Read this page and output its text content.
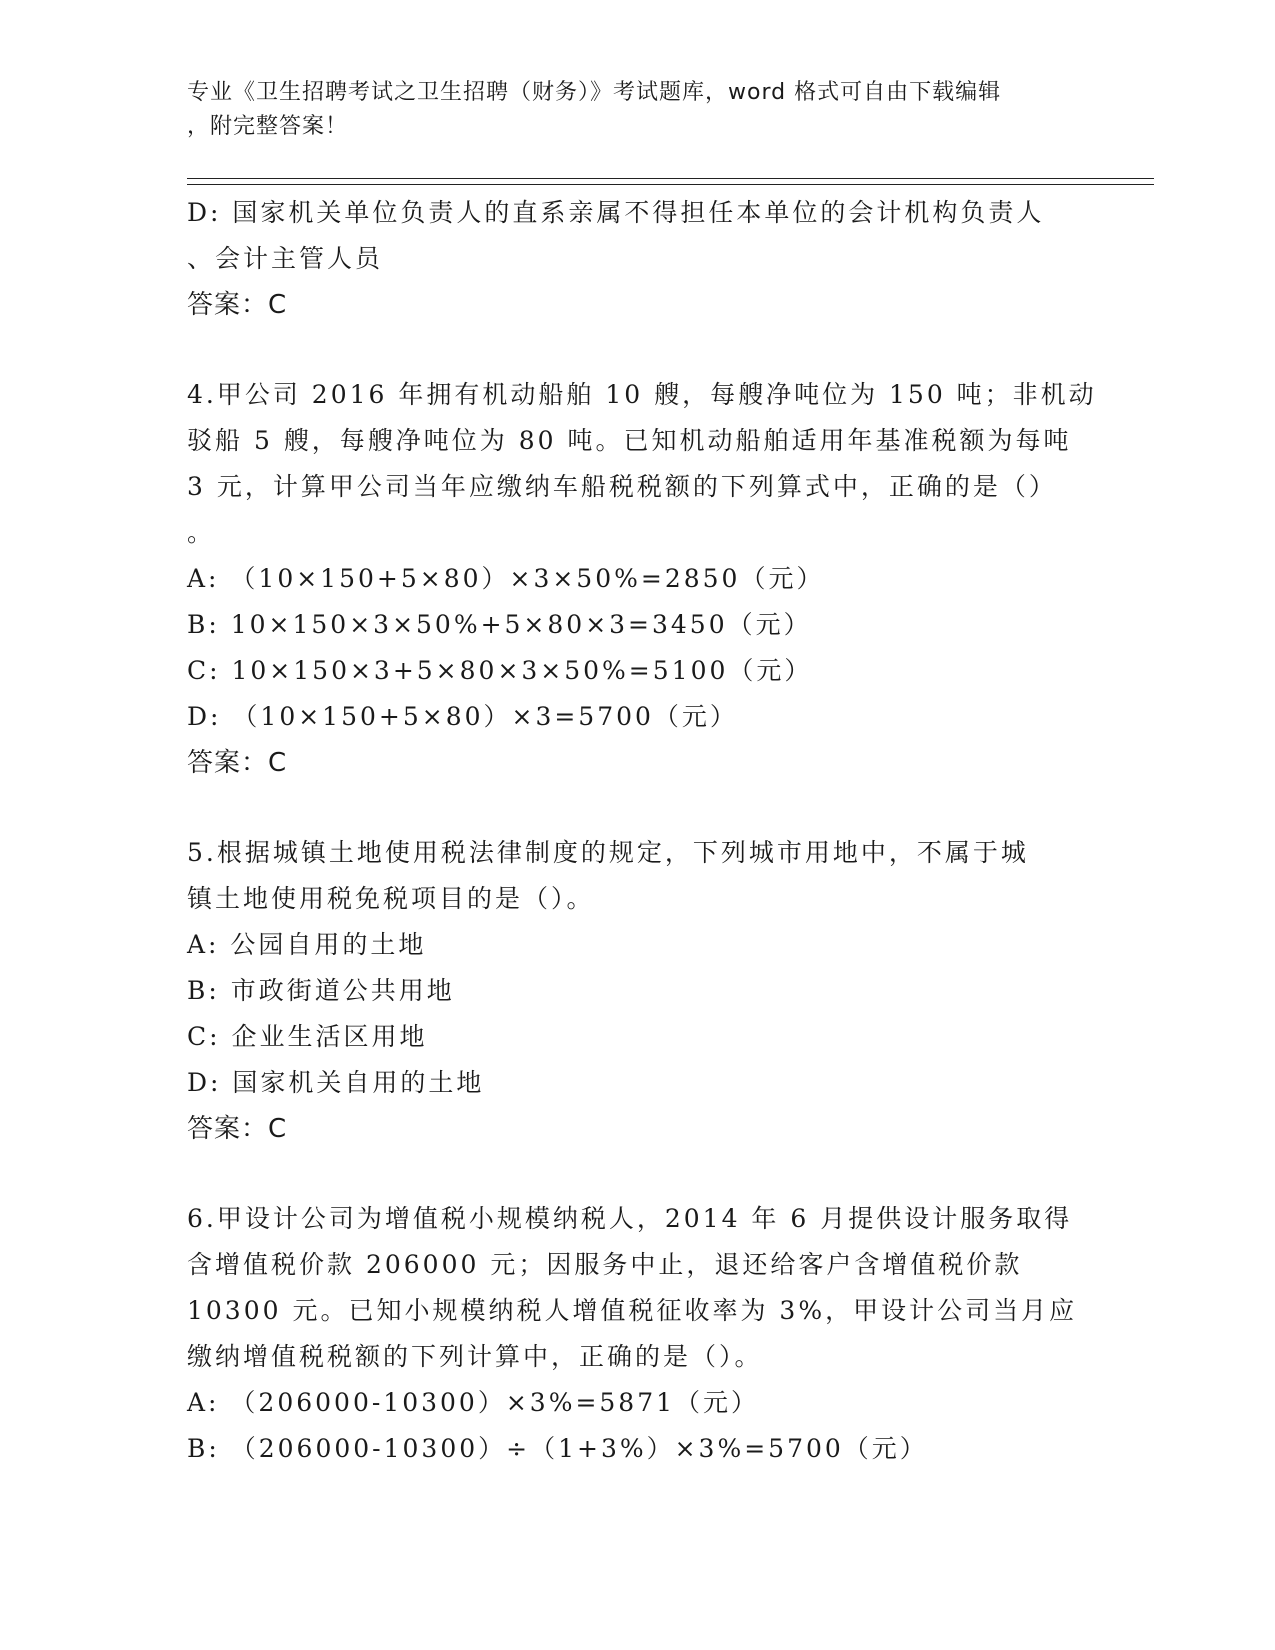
专业《卫生招聘考试之卫生招聘（财务）》考试题库，word 格式可自由下载编辑
，附完整答案！
D: 国家机关单位负责人的直系亲属不得担任本单位的会计机构负责人
、会计主管人员
答案：C
4.甲公司 2016 年拥有机动船舶 10 艘，每艘净吨位为 150 吨；非机动
驳船 5 艘，每艘净吨位为 80 吨。已知机动船舶适用年基准税额为每吨
3 元，计算甲公司当年应缴纳车船税税额的下列算式中，正确的是（）
。
A: （10×150+5×80）×3×50%=2850（元）
B: 10×150×3×50%+5×80×3=3450（元）
C: 10×150×3+5×80×3×50%=5100（元）
D: （10×150+5×80）×3=5700（元）
答案：C
5.根据城镇土地使用税法律制度的规定，下列城市用地中，不属于城
镇土地使用税免税项目的是（）。
A: 公园自用的土地
B: 市政街道公共用地
C: 企业生活区用地
D: 国家机关自用的土地
答案：C
6.甲设计公司为增值税小规模纳税人，2014 年 6 月提供设计服务取得
含增值税价款 206000 元；因服务中止，退还给客户含增值税价款
10300 元。已知小规模纳税人增值税征收率为 3%，甲设计公司当月应
缴纳增值税税额的下列计算中，正确的是（）。
A: （206000-10300）×3%=5871（元）
B: （206000-10300）÷（1+3%）×3%=5700（元）
